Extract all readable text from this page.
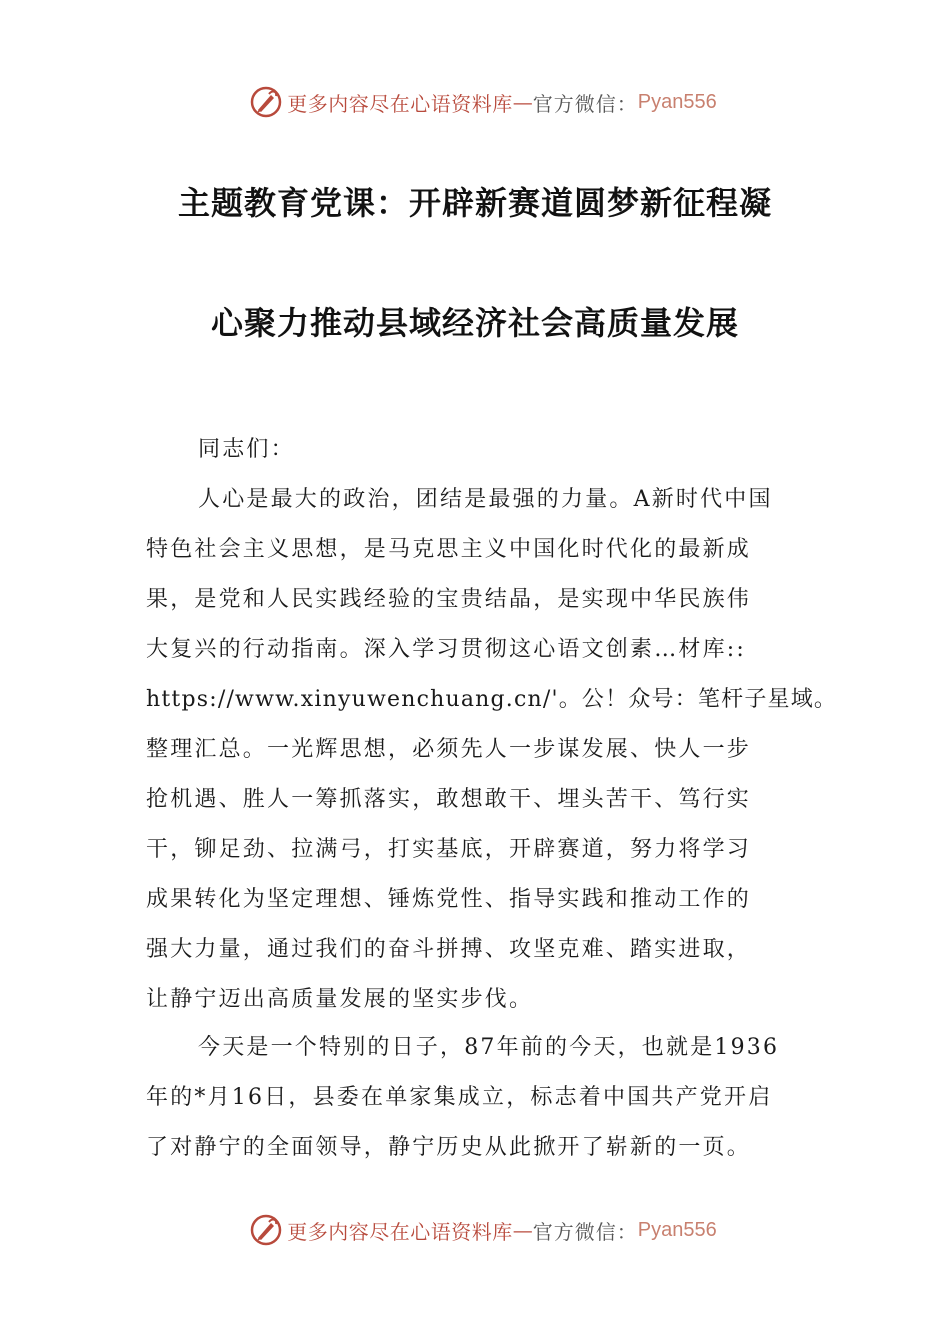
更多内容尽在心语资料库 — 官方微信： Pyan556
主题教育党课：开辟新赛道圆梦新征程凝
心聚力推动县域经济社会高质量发展
同志们：
人心是最大的政治，团结是最强的力量。A新时代中国
特色社会主义思想，是马克思主义中国化时代化的最新成
果，是党和人民实践经验的宝贵结晶，是实现中华民族伟
大复兴的行动指南。深入学习贯彻这心语文创素…材库::
https://www.xinyuwenchuang.cn/'。公！众号：笔杆子星域。
整理汇总。一光辉思想，必须先人一步谋发展、快人一步
抢机遇、胜人一筹抓落实，敢想敢干、埋头苦干、笃行实
干，铆足劲、拉满弓，打实基底，开辟赛道，努力将学习
成果转化为坚定理想、锤炼党性、指导实践和推动工作的
强大力量，通过我们的奋斗拼搏、攻坚克难、踏实进取，
让静宁迈出高质量发展的坚实步伐。
今天是一个特别的日子，87年前的今天，也就是1936
年的*月16日，县委在单家集成立，标志着中国共产党开启
了对静宁的全面领导，静宁历史从此掀开了崭新的一页。
更多内容尽在心语资料库 — 官方微信： Pyan556
